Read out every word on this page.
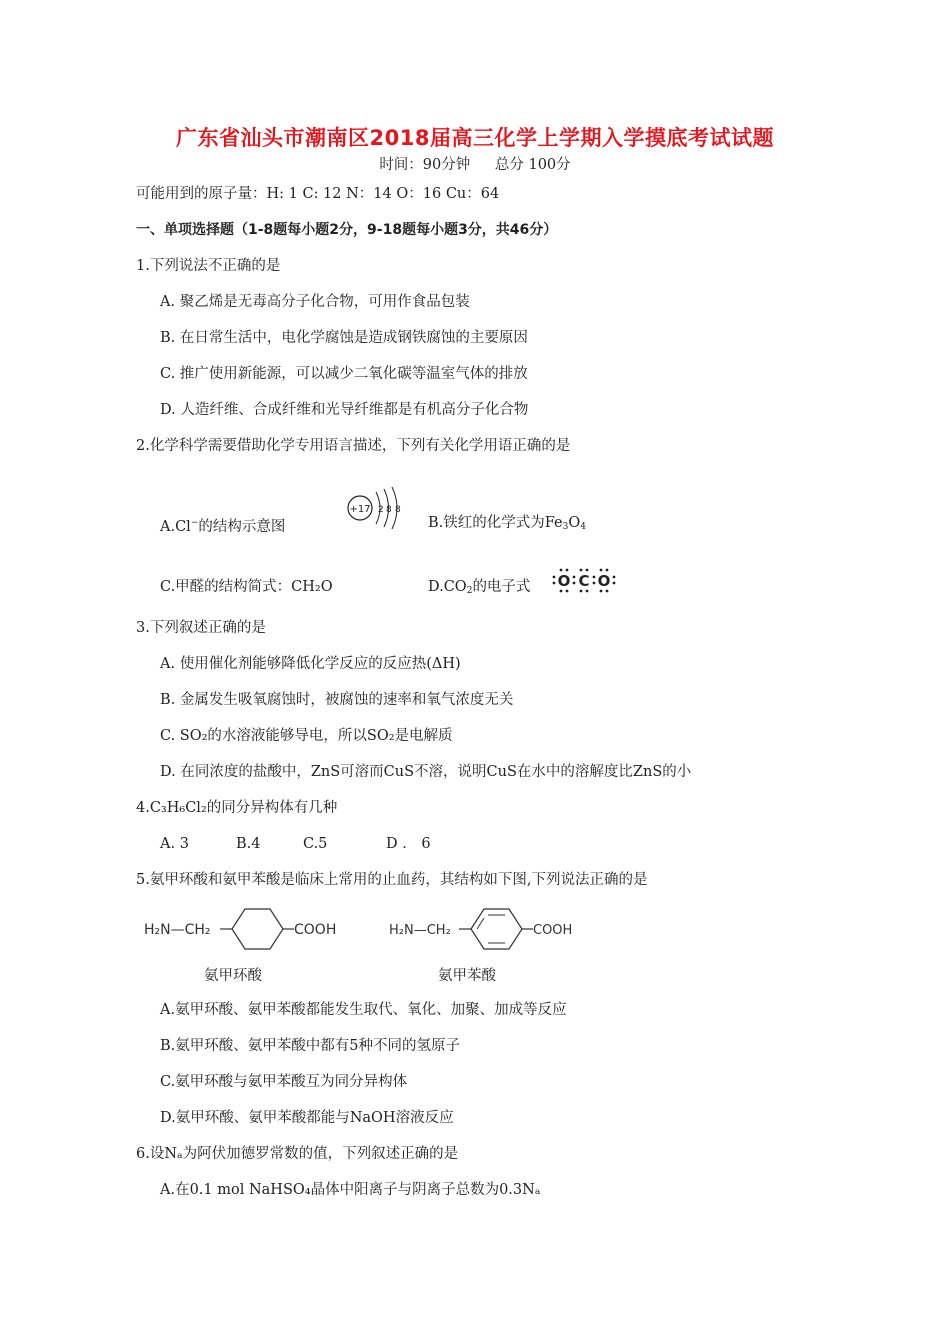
广东省汕头市潮南区2018届高三化学上学期入学摸底考试试题
时间：90分钟 总分 100分
可能用到的原子量：H: 1 C: 12 N：14 O：16 Cu：64
一、单项选择题（1-8题每小题2分，9-18题每小题3分，共46分）
1.下列说法不正确的是
A. 聚乙烯是无毒高分子化合物，可用作食品包装
B. 在日常生活中，电化学腐蚀是造成钢铁腐蚀的主要原因
C. 推广使用新能源，可以减少二氧化碳等温室气体的排放
D. 人造纤维、合成纤维和光导纤维都是有机高分子化合物
2.化学科学需要借助化学专用语言描述，下列有关化学用语正确的是
A.Cl−的结构示意图
+17 2 8 8
B.铁红的化学式为$Fe_3O_4$
C.甲醛的结构简式：CH₂O	$D.CO_2$的电子式 O C O
3.下列叙述正确的是
A. 使用催化剂能够降低化学反应的反应热(ΔH)
B. 金属发生吸氧腐蚀时，被腐蚀的速率和氧气浓度无关
C. SO₂的水溶液能够导电，所以SO₂是电解质
D. 在同浓度的盐酸中，ZnS可溶而CuS不溶，说明CuS在水中的溶解度比ZnS的小
4.C₃H₆Cl₂的同分异构体有几种
A. 3	B.4	C.5	D ． 6
5.氨甲环酸和氨甲苯酸是临床上常用的止血药，其结构如下图,下列说法正确的是
H₂N—CH₂	COOH
氨甲环酸
H₂N—CH₂	COOH
氨甲苯酸
A.氨甲环酸、氨甲苯酸都能发生取代、氧化、加聚、加成等反应
B.氨甲环酸、氨甲苯酸中都有5种不同的氢原子
C.氨甲环酸与氨甲苯酸互为同分异构体
D.氨甲环酸、氨甲苯酸都能与NaOH溶液反应
6.设Nₐ为阿伏加德罗常数的值，下列叙述正确的是
A.在0.1 mol NaHSO₄晶体中阳离子与阴离子总数为0.3Nₐ
